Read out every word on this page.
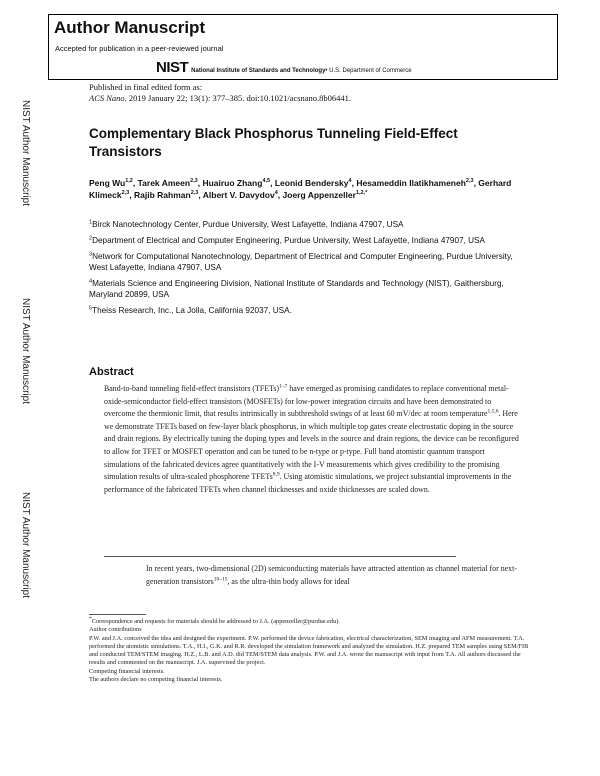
Author Manuscript
Accepted for publication in a peer-reviewed journal
NIST National Institute of Standards and Technology • U.S. Department of Commerce
NIST Author Manuscript
NIST Author Manuscript
NIST Author Manuscript
Published in final edited form as:
ACS Nano. 2019 January 22; 13(1): 377–385. doi:10.1021/acsnano.8b06441.
Complementary Black Phosphorus Tunneling Field-Effect Transistors
Peng Wu$^{1,2}$, Tarek Ameen$^{2,3}$, Huairuo Zhang$^{4,5}$, Leonid Bendersky$^4$, Hesameddin Ilatikhameneh$^{2,3}$, Gerhard Klimeck$^{2,3}$, Rajib Rahman$^{2,3}$, Albert V. Davydov$^4$, Joerg Appenzeller$^{1,2,*}$
$^1$Birck Nanotechnology Center, Purdue University, West Lafayette, Indiana 47907, USA
$^2$Department of Electrical and Computer Engineering, Purdue University, West Lafayette, Indiana 47907, USA
$^3$Network for Computational Nanotechnology, Department of Electrical and Computer Engineering, Purdue University, West Lafayette, Indiana 47907, USA
$^4$Materials Science and Engineering Division, National Institute of Standards and Technology (NIST), Gaithersburg, Maryland 20899, USA
$^5$Theiss Research, Inc., La Jolla, California 92037, USA.
Abstract
Band-to-band tunneling field-effect transistors (TFETs)$^{1-7}$ have emerged as promising candidates to replace conventional metal-oxide-semiconductor field-effect transistors (MOSFETs) for low-power integration circuits and have been demonstrated to overcome the thermionic limit, that results intrinsically in subthreshold swings of at least 60 mV/dec at room temperature$^{1,5,6}$. Here we demonstrate TFETs based on few-layer black phosphorus, in which multiple top gates create electrostatic doping in the source and drain regions. By electrically tuning the doping types and levels in the source and drain regions, the device can be reconfigured to allow for TFET or MOSFET operation and can be tuned to be n-type or p-type. Full band atomistic quantum transport simulations of the fabricated devices agree quantitatively with the I-V measurements which gives credibility to the promising simulation results of ultra-scaled phosphorene TFETs$^{8,9}$. Using atomistic simulations, we project substantial improvements in the performance of the fabricated TFETs when channel thicknesses and oxide thicknesses are scaled down.
In recent years, two-dimensional (2D) semiconducting materials have attracted attention as channel material for next-generation transistors$^{10-15}$, as the ultra-thin body allows for ideal

*Correspondence and requests for materials should be addressed to J.A. (appenzeller@purdue.edu).

Author contributions

P.W. and J.A. conceived the idea and designed the experiment. P.W. performed the device fabrication, electrical characterization, SEM imaging and AFM measurement. T.A. performed the atomistic simulations. T.A., H.I., G.K. and R.R. developed the simulation framework and analyzed the simulation. H.Z. prepared TEM samples using SEM/FIB and conducted TEM/STEM imaging. H.Z., L.B. and A.D. did TEM/STEM data analysis. P.W. and J.A. wrote the manuscript with input from T.A. All authors discussed the results and commented on the manuscript. J.A. supervised the project.

Competing financial interests.

The authors declare no competing financial interests.
